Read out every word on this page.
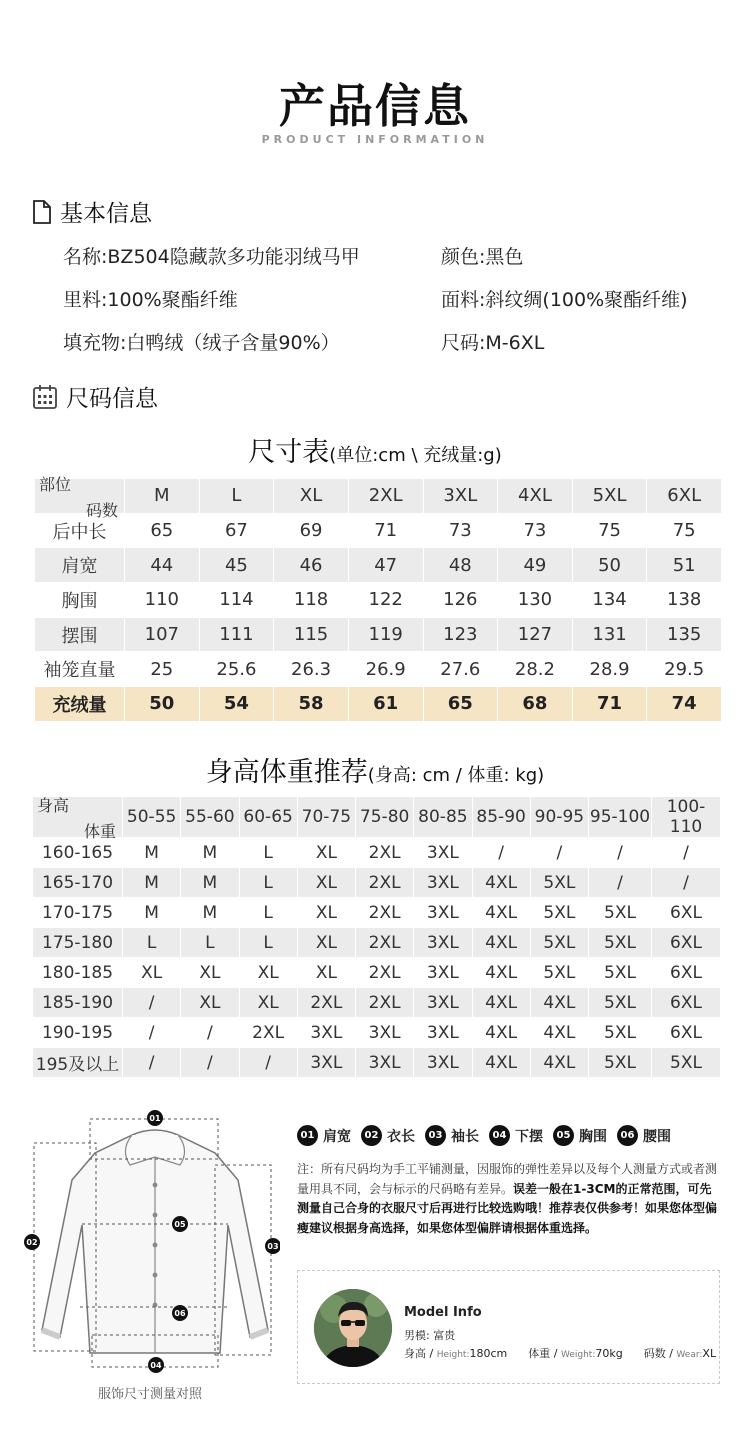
产品信息
PRODUCT INFORMATION
基本信息
名称:BZ504隐藏款多功能羽绒马甲	颜色:黑色
里料:100%聚酯纤维	面料:斜纹绸(100%聚酯纤维)
填充物:白鸭绒（绒子含量90%）	尺码:M-6XL
尺码信息
尺寸表(单位:cm \ 充绒量:g)
码数
部位	M	L	XL	2XL	3XL	4XL	5XL	6XL
后中长	65	67	69	71	73	73	75	75
肩宽	44	45	46	47	48	49	50	51
胸围	110	114	118	122	126	130	134	138
摆围	107	111	115	119	123	127	131	135
袖笼直量	25	25.6	26.3	26.9	27.6	28.2	28.9	29.5
充绒量	50	54	58	61	65	68	71	74
身高体重推荐(身高: cm / 体重: kg)
体重
身高	50-55	55-60	60-65	70-75	75-80	80-85	85-90	90-95	95-100	100-110
160-165	M	M	L	XL	2XL	3XL	/	/	/	/
165-170	M	M	L	XL	2XL	3XL	4XL	5XL	/	/
170-175	M	M	L	XL	2XL	3XL	4XL	5XL	5XL	6XL
175-180	L	L	L	XL	2XL	3XL	4XL	5XL	5XL	6XL
180-185	XL	XL	XL	XL	2XL	3XL	4XL	5XL	5XL	6XL
185-190	/	XL	XL	2XL	2XL	3XL	4XL	4XL	5XL	6XL
190-195	/	/	2XL	3XL	3XL	3XL	4XL	4XL	5XL	6XL
195及以上	/	/	/	3XL	3XL	3XL	4XL	4XL	5XL	5XL
01
02	03
04
05
06
服饰尺寸测量对照
01 肩宽	02 衣长	03 袖长	04 下摆	05 胸围	06 腰围
注：所有尺码均为手工平铺测量，因服饰的弹性差异以及每个人测量方式或者测量用具不同，会与标示的尺码略有差异。误差一般在1-3CM的正常范围，可先测量自己合身的衣服尺寸后再进行比较选购哦！推荐表仅供参考！如果您体型偏瘦建议根据身高选择，如果您体型偏胖请根据体重选择。
Model Info
男模: 富贵
身高 / Height:180cm 体重 / Weight:70kg 码数 / Wear:XL
